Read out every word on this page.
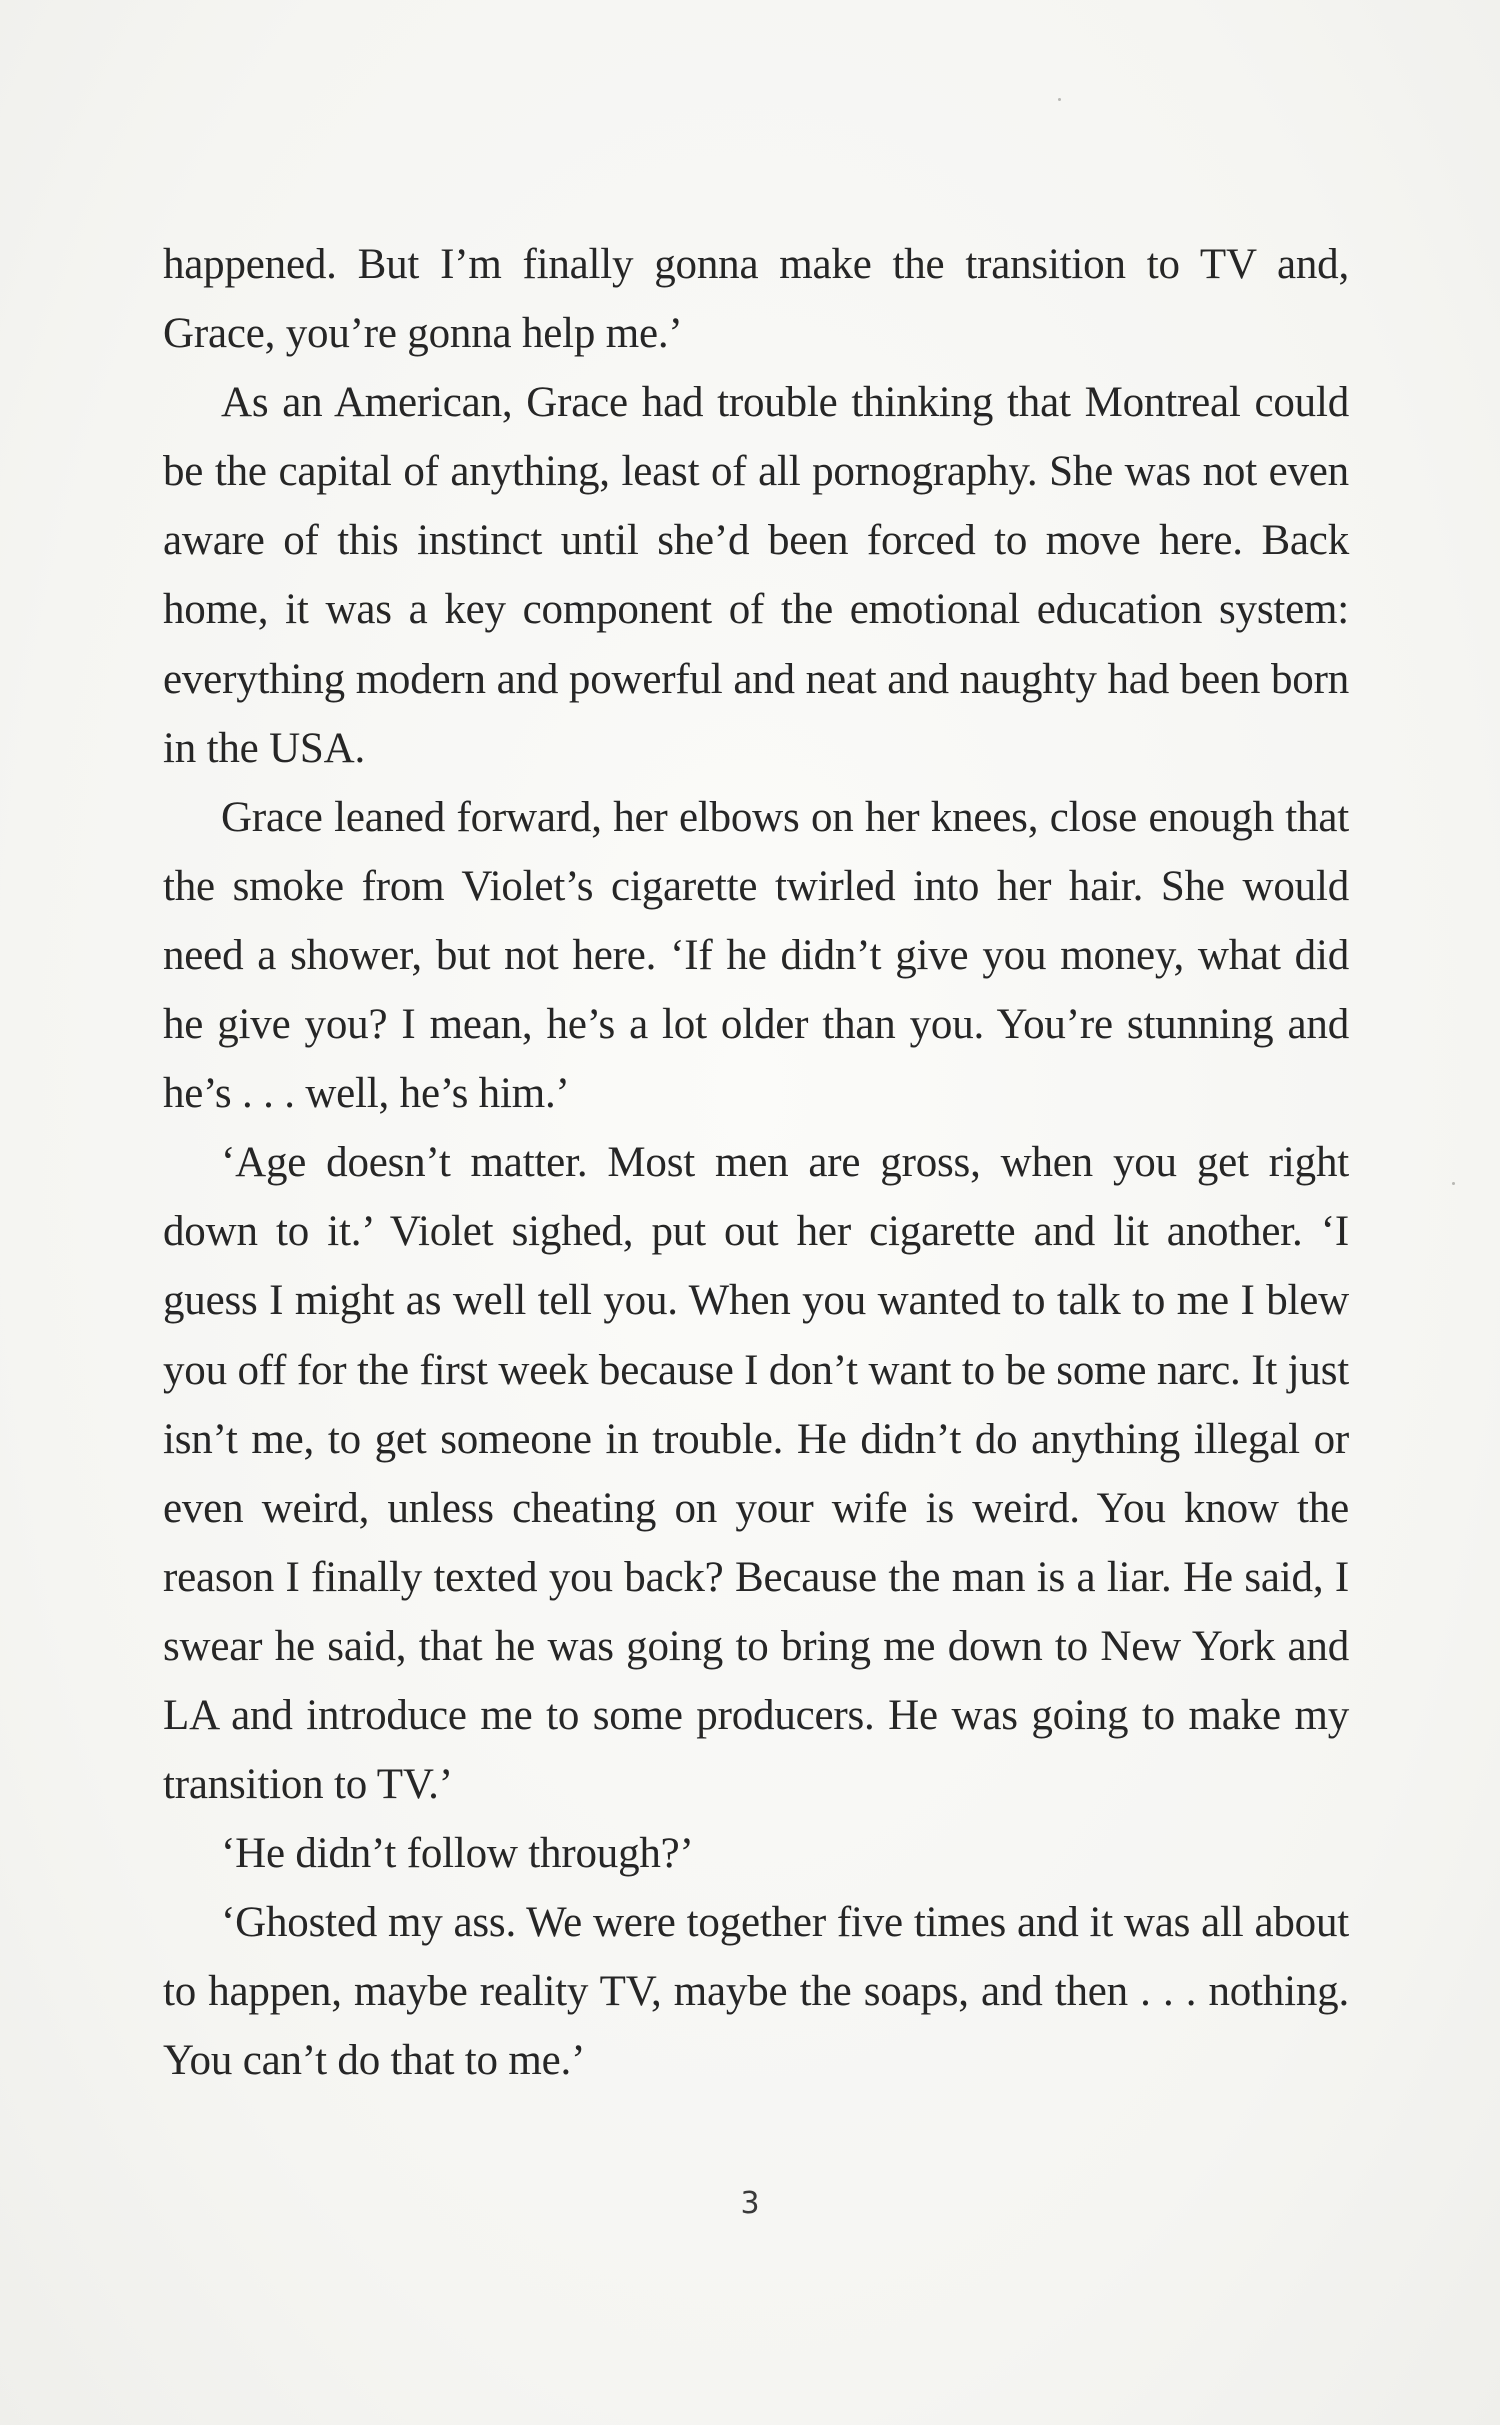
happened. But I’m finally gonna make the transition to TV and, Grace, you’re gonna help me.’

As an American, Grace had trouble thinking that Montreal could be the capital of anything, least of all pornography. She was not even aware of this instinct until she’d been forced to move here. Back home, it was a key component of the emotional education system: everything modern and powerful and neat and naughty had been born in the USA.

Grace leaned forward, her elbows on her knees, close enough that the smoke from Violet’s cigarette twirled into her hair. She would need a shower, but not here. ‘If he didn’t give you money, what did he give you? I mean, he’s a lot older than you. You’re stunning and he’s . . . well, he’s him.’

‘Age doesn’t matter. Most men are gross, when you get right down to it.’ Violet sighed, put out her cigarette and lit another. ‘I guess I might as well tell you. When you wanted to talk to me I blew you off for the first week because I don’t want to be some narc. It just isn’t me, to get someone in trouble. He didn’t do anything illegal or even weird, unless cheating on your wife is weird. You know the reason I finally texted you back? Because the man is a liar. He said, I swear he said, that he was going to bring me down to New York and LA and introduce me to some producers. He was going to make my transition to TV.’

‘He didn’t follow through?’

‘Ghosted my ass. We were together five times and it was all about to happen, maybe reality TV, maybe the soaps, and then . . . nothing. You can’t do that to me.’

3
